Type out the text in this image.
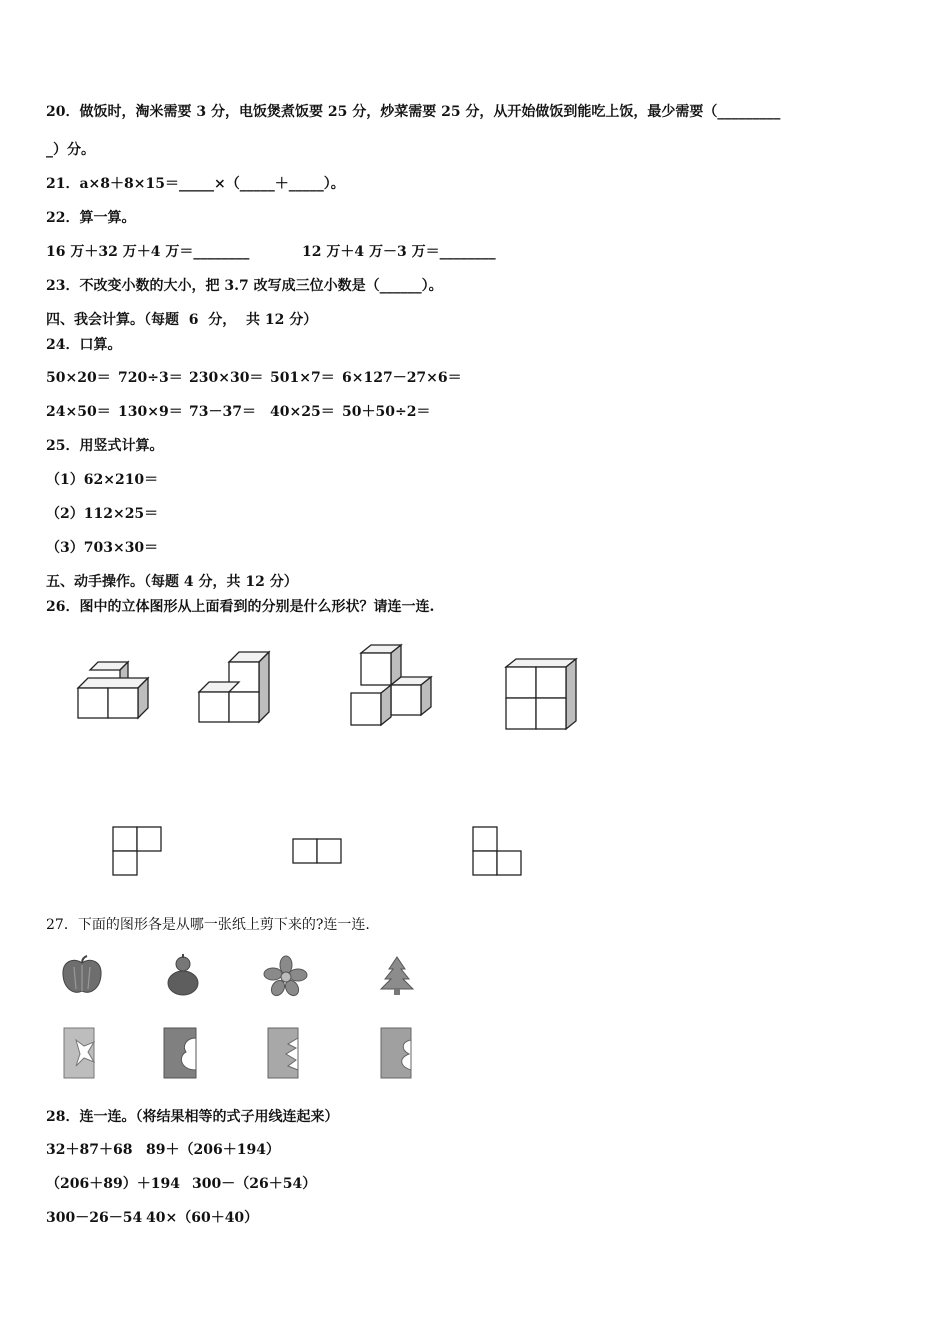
20．做饭时，淘米需要 3 分，电饭煲煮饭要 25 分，炒菜需要 25 分，从开始做饭到能吃上饭，最少需要（_________
_）分。
21．a×8＋8×15＝_____×（_____＋_____）。
22．算一算。
16 万＋32 万＋4 万＝________	12 万＋4 万－3 万＝________
23．不改变小数的大小，把 3.7 改写成三位小数是（______）。
四、我会计算。（每题  6  分，  共 12 分）
24．口算。
50×20＝ 720÷3＝ 230×30＝ 501×7＝ 6×127－27×6＝
24×50＝ 130×9＝ 73－37＝ 40×25＝ 50＋50÷2＝
25．用竖式计算。
（1）62×210＝
（2）112×25＝
（3）703×30＝
五、动手操作。（每题 4 分，共 12 分）
26．图中的立体图形从上面看到的分别是什么形状？请连一连.
27．下面的图形各是从哪一张纸上剪下来的?连一连.
28．连一连。（将结果相等的式子用线连起来）
32＋87＋68 89＋（206＋194）
（206＋89）＋194 300－（26＋54）
300－26－54 40×（60＋40）
